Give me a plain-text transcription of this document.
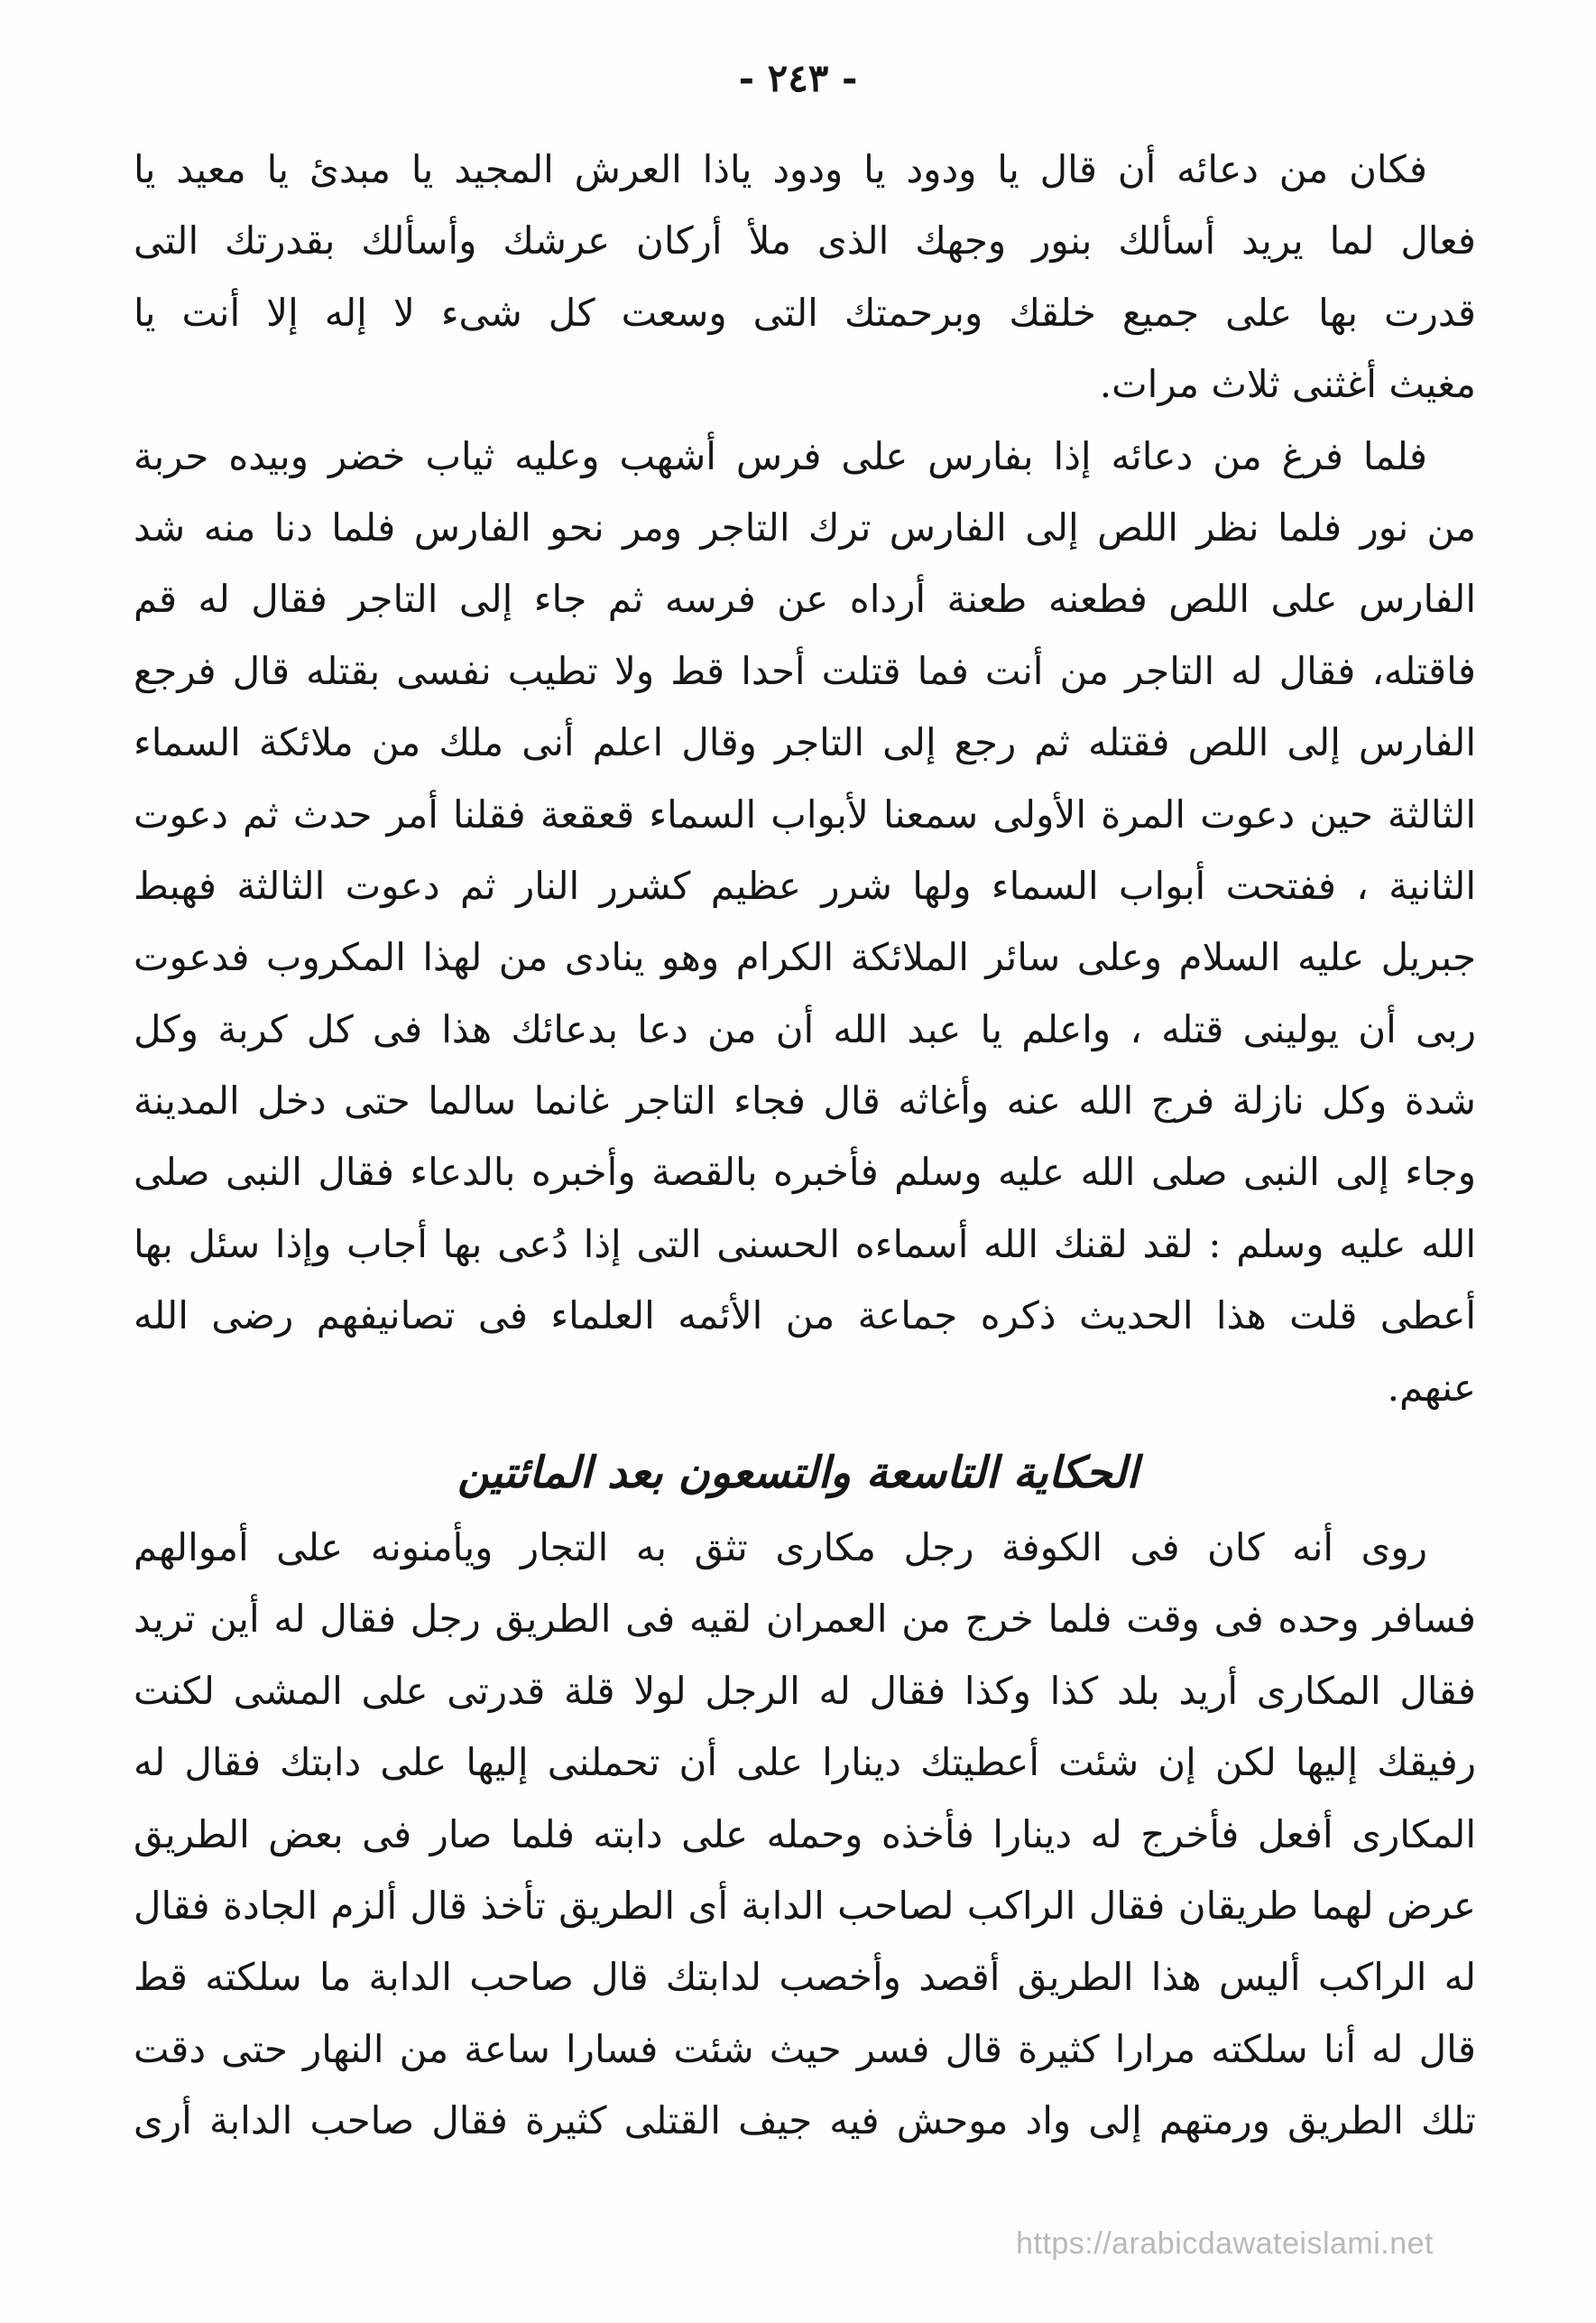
- ٢٤٣ -
فكان من دعائه أن قال يا ودود يا ودود ياذا العرش المجيد يا مبدئ يا معيد يا
فعال لما يريد أسألك بنور وجهك الذى ملأ أركان عرشك وأسألك بقدرتك التى
قدرت بها على جميع خلقك وبرحمتك التى وسعت كل شىء لا إله إلا أنت يا
مغيث أغثنى ثلاث مرات.
فلما فرغ من دعائه إذا بفارس على فرس أشهب وعليه ثياب خضر وبيده حربة
من نور فلما نظر اللص إلى الفارس ترك التاجر ومر نحو الفارس فلما دنا منه شد
الفارس على اللص فطعنه طعنة أرداه عن فرسه ثم جاء إلى التاجر فقال له قم
فاقتله، فقال له التاجر من أنت فما قتلت أحدا قط ولا تطيب نفسى بقتله قال فرجع
الفارس إلى اللص فقتله ثم رجع إلى التاجر وقال اعلم أنى ملك من ملائكة السماء
الثالثة حين دعوت المرة الأولى سمعنا لأبواب السماء قعقعة فقلنا أمر حدث ثم دعوت
الثانية ، ففتحت أبواب السماء ولها شرر عظيم كشرر النار ثم دعوت الثالثة فهبط
جبريل عليه السلام وعلى سائر الملائكة الكرام وهو ينادى من لهذا المكروب فدعوت
ربى أن يولينى قتله ، واعلم يا عبد الله أن من دعا بدعائك هذا فى كل كربة وكل
شدة وكل نازلة فرج الله عنه وأغاثه قال فجاء التاجر غانما سالما حتى دخل المدينة
وجاء إلى النبى صلى الله عليه وسلم فأخبره بالقصة وأخبره بالدعاء فقال النبى صلى
الله عليه وسلم : لقد لقنك الله أسماءه الحسنى التى إذا دُعى بها أجاب وإذا سئل بها
أعطى قلت هذا الحديث ذكره جماعة من الأئمه العلماء فى تصانيفهم رضى الله
عنهم.
الحكاية التاسعة والتسعون بعد المائتين
روى أنه كان فى الكوفة رجل مكارى تثق به التجار ويأمنونه على أموالهم
فسافر وحده فى وقت فلما خرج من العمران لقيه فى الطريق رجل فقال له أين تريد
فقال المكارى أريد بلد كذا وكذا فقال له الرجل لولا قلة قدرتى على المشى لكنت
رفيقك إليها لكن إن شئت أعطيتك دينارا على أن تحملنى إليها على دابتك فقال له
المكارى أفعل فأخرج له دينارا فأخذه وحمله على دابته فلما صار فى بعض الطريق
عرض لهما طريقان فقال الراكب لصاحب الدابة أى الطريق تأخذ قال ألزم الجادة فقال
له الراكب أليس هذا الطريق أقصد وأخصب لدابتك قال صاحب الدابة ما سلكته قط
قال له أنا سلكته مرارا كثيرة قال فسر حيث شئت فسارا ساعة من النهار حتى دقت
تلك الطريق ورمتهم إلى واد موحش فيه جيف القتلى كثيرة فقال صاحب الدابة أرى
https://arabicdawateislami.net
